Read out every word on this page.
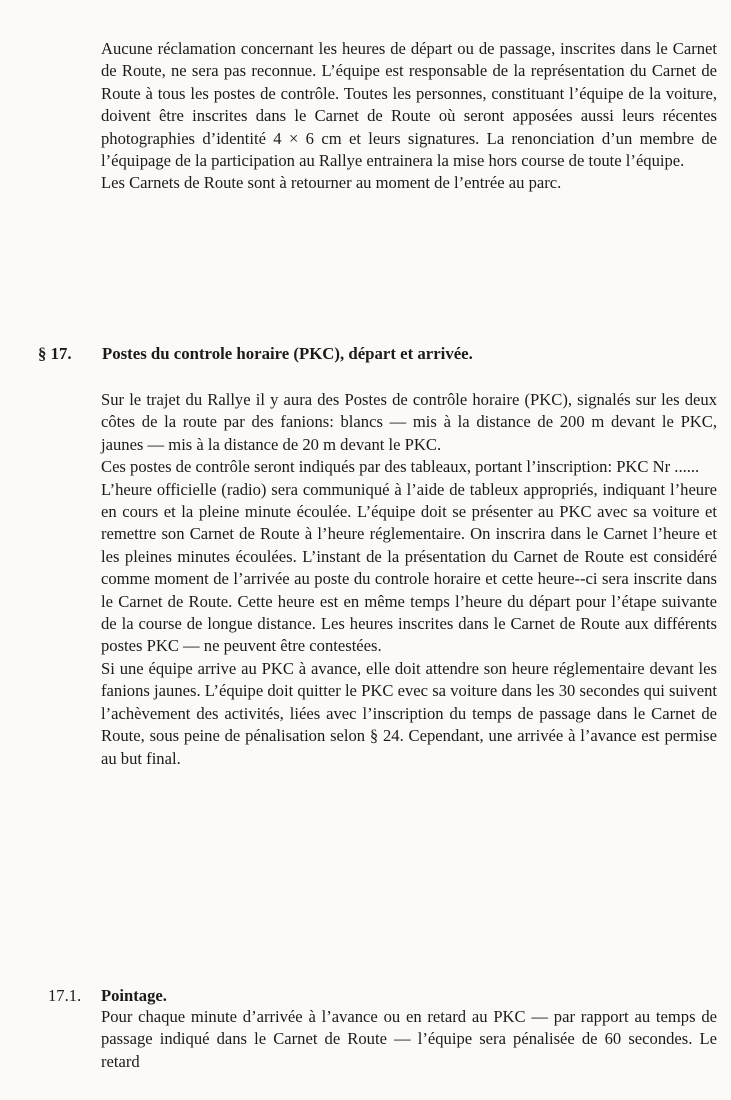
Aucune réclamation concernant les heures de départ ou de passage, inscrites dans le Carnet de Route, ne sera pas reconnue. L’équipe est responsable de la représentation du Carnet de Route à tous les postes de contrôle. Toutes les personnes, constituant l’équipe de la voiture, doivent être inscrites dans le Carnet de Route où seront apposées aussi leurs récentes photographies d’identité 4 × 6 cm et leurs signatures. La renonciation d’un membre de l’équipage de la participation au Rallye entrainera la mise hors course de toute l’équipe.

Les Carnets de Route sont à retourner au moment de l’entrée au parc.

§ 17. Postes du controle horaire (PKC), départ et arrivée.

Sur le trajet du Rallye il y aura des Postes de contrôle horaire (PKC), signalés sur les deux côtes de la route par des fanions: blancs — mis à la distance de 200 m devant le PKC, jaunes — mis à la distance de 20 m devant le PKC.

Ces postes de contrôle seront indiqués par des tableaux, portant l’inscription: PKC Nr ......

L’heure officielle (radio) sera communiqué à l’aide de tableux appropriés, indiquant l’heure en cours et la pleine minute écoulée. L’équipe doit se présenter au PKC avec sa voiture et remettre son Carnet de Route à l’heure réglementaire. On inscrira dans le Carnet l’heure et les pleines minutes écoulées. L’instant de la présentation du Carnet de Route est considéré comme moment de l’arrivée au poste du controle horaire et cette heure--ci sera inscrite dans le Carnet de Route. Cette heure est en même temps l’heure du départ pour l’étape suivante de la course de longue distance. Les heures inscrites dans le Carnet de Route aux différents postes PKC — ne peuvent être contestées.

Si une équipe arrive au PKC à avance, elle doit attendre son heure réglementaire devant les fanions jaunes. L’équipe doit quitter le PKC evec sa voiture dans les 30 secondes qui suivent l’achèvement des activités, liées avec l’inscription du temps de passage dans le Carnet de Route, sous peine de pénalisation selon § 24. Cependant, une arrivée à l’avance est permise au but final.

17.1. Pointage.

Pour chaque minute d’arrivée à l’avance ou en retard au PKC — par rapport au temps de passage indiqué dans le Carnet de Route — l’équipe sera pénalisée de 60 secondes. Le retard
